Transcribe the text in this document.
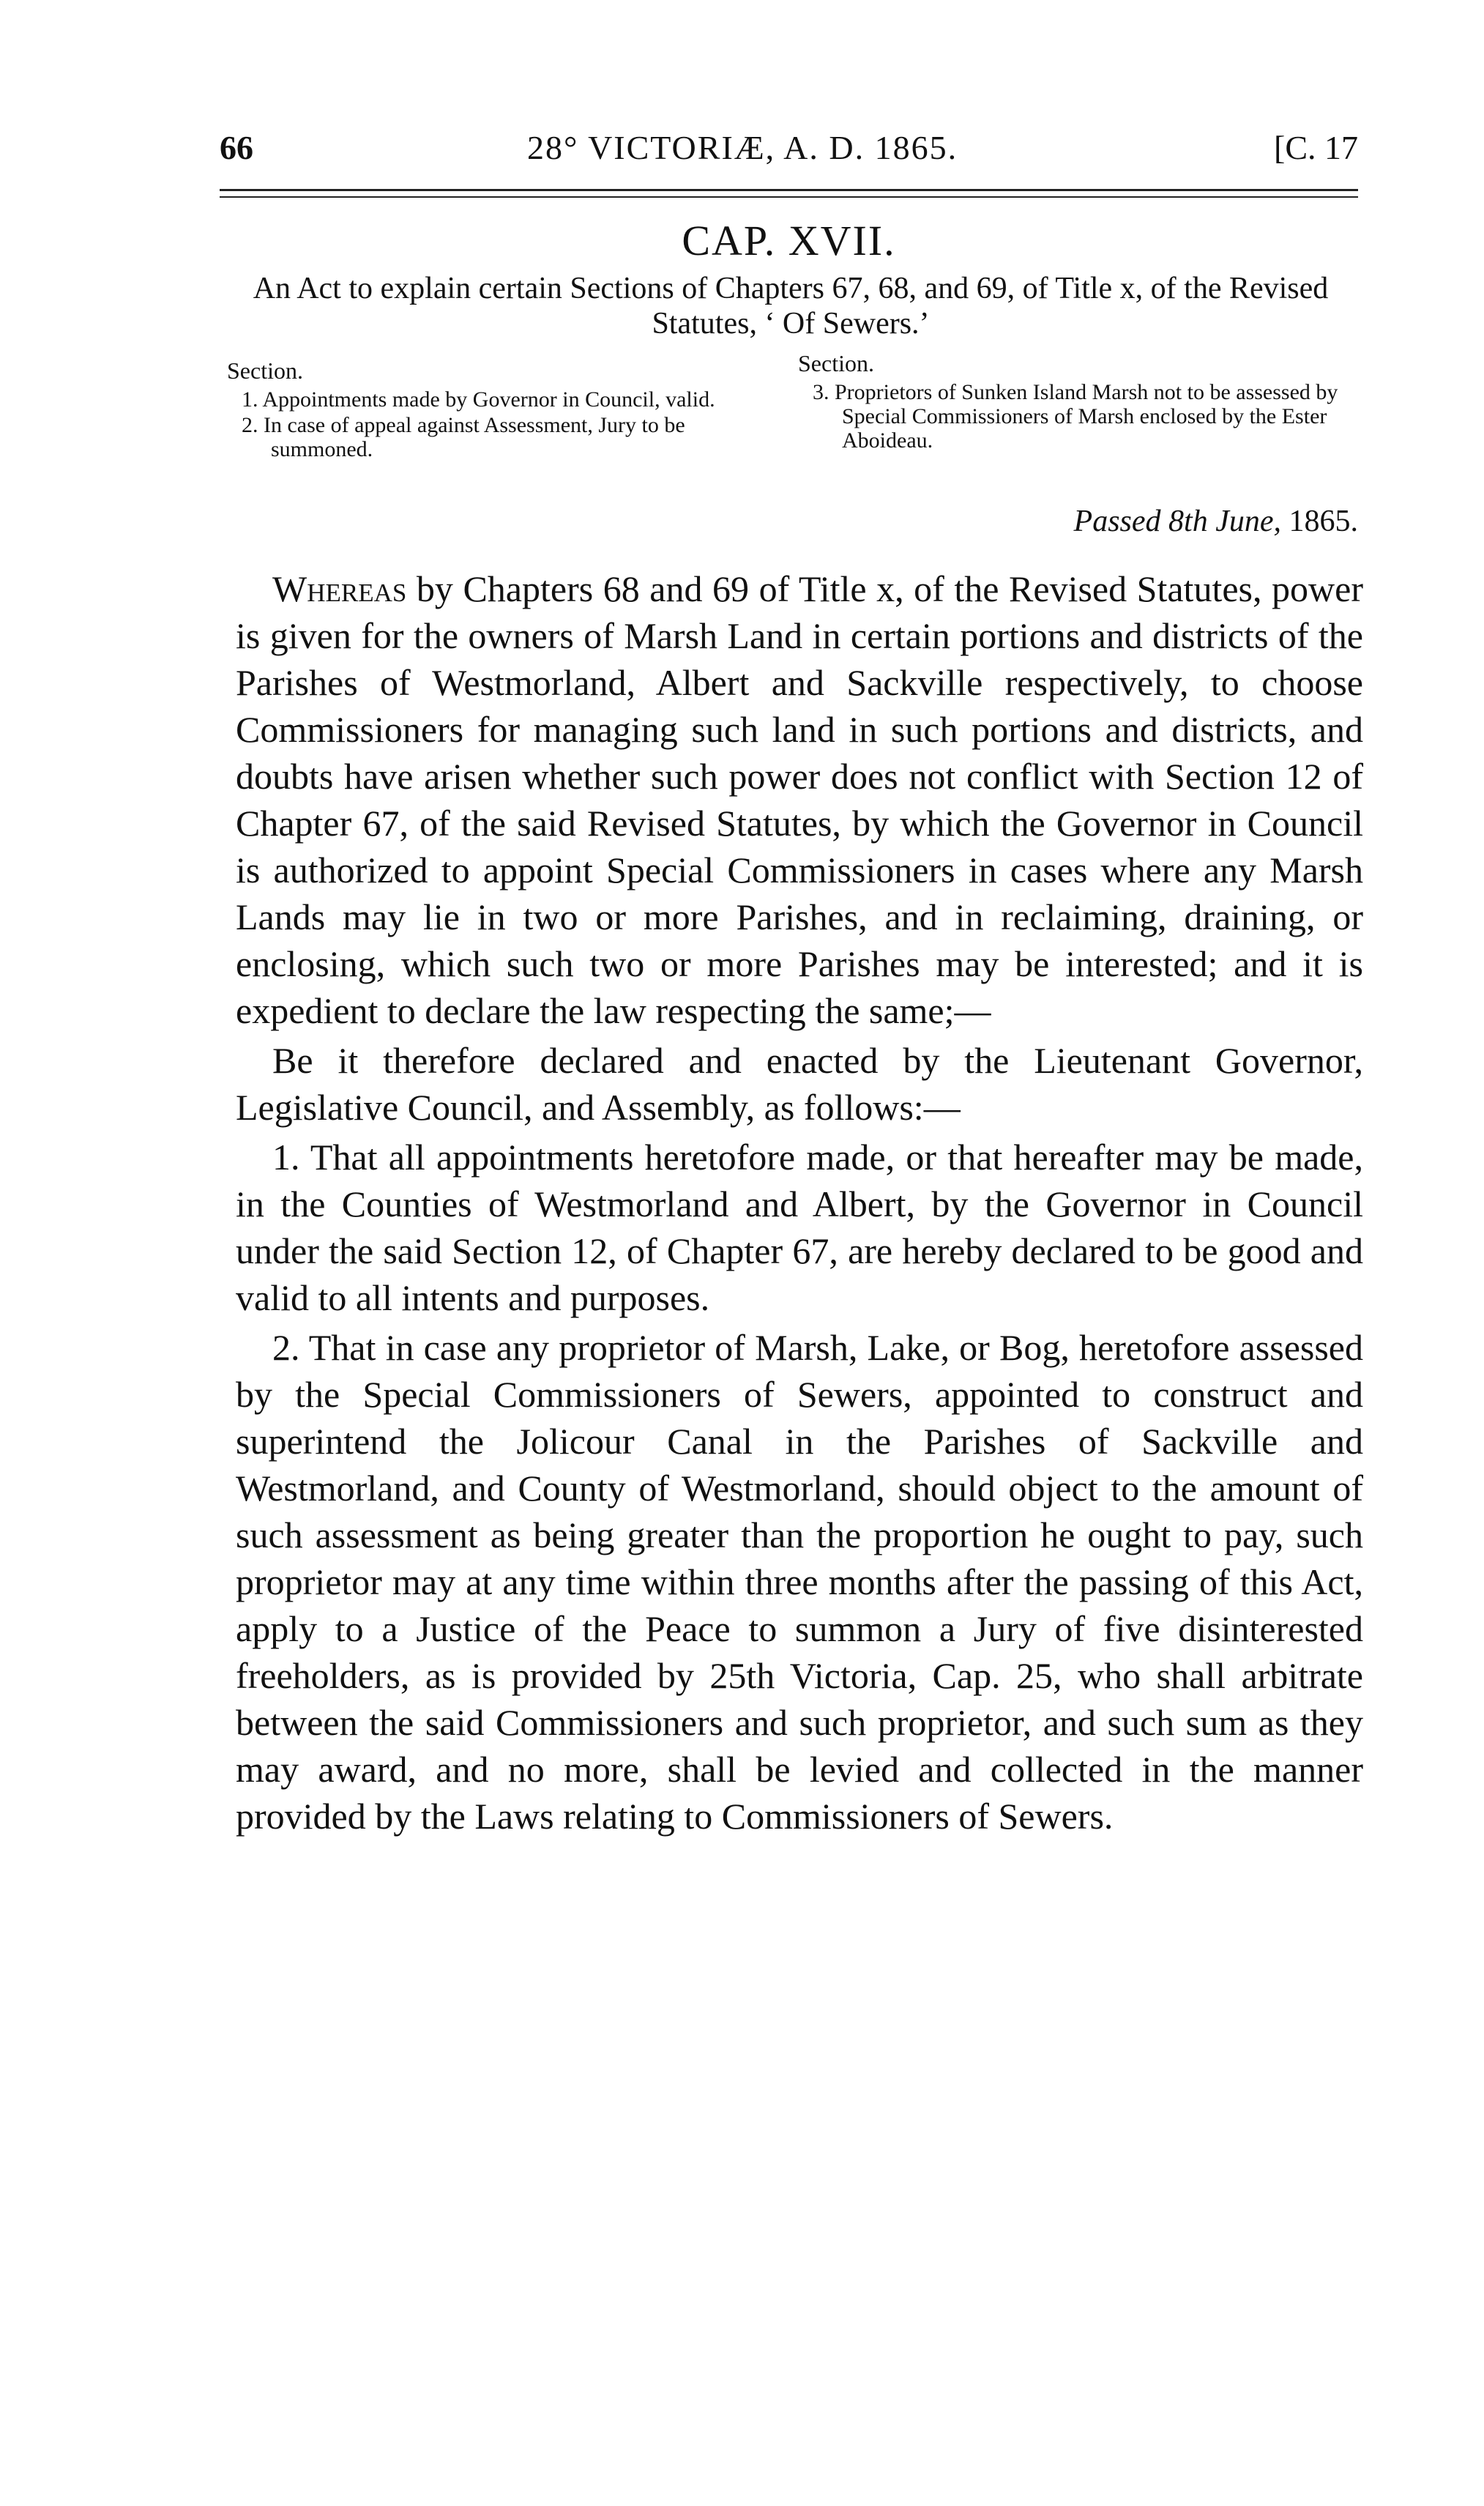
66	28° VICTORIÆ, A. D. 1865.	[C. 17
CAP. XVII.
An Act to explain certain Sections of Chapters 67, 68, and 69, of Title x, of the Revised Statutes, ‘ Of Sewers.’
Section.
1. Appointments made by Governor in Council, valid.
2. In case of appeal against Assessment, Jury to be summoned.
Section.
3. Proprietors of Sunken Island Marsh not to be assessed by Special Commissioners of Marsh enclosed by the Ester Aboideau.
Passed 8th June, 1865.

Whereas by Chapters 68 and 69 of Title x, of the Revised Statutes, power is given for the owners of Marsh Land in certain portions and districts of the Parishes of Westmorland, Albert and Sackville respectively, to choose Commissioners for managing such land in such portions and districts, and doubts have arisen whether such power does not conflict with Section 12 of Chapter 67, of the said Revised Statutes, by which the Governor in Council is authorized to appoint Special Commissioners in cases where any Marsh Lands may lie in two or more Parishes, and in reclaiming, draining, or enclosing, which such two or more Parishes may be interested; and it is expedient to declare the law respecting the same;—

Be it therefore declared and enacted by the Lieutenant Governor, Legislative Council, and Assembly, as follows:—

1. That all appointments heretofore made, or that hereafter may be made, in the Counties of Westmorland and Albert, by the Governor in Council under the said Section 12, of Chapter 67, are hereby declared to be good and valid to all intents and purposes.

2. That in case any proprietor of Marsh, Lake, or Bog, heretofore assessed by the Special Commissioners of Sewers, appointed to construct and superintend the Jolicour Canal in the Parishes of Sackville and Westmorland, and County of Westmorland, should object to the amount of such assessment as being greater than the proportion he ought to pay, such proprietor may at any time within three months after the passing of this Act, apply to a Justice of the Peace to summon a Jury of five disinterested freeholders, as is provided by 25th Victoria, Cap. 25, who shall arbitrate between the said Commissioners and such proprietor, and such sum as they may award, and no more, shall be levied and collected in the manner provided by the Laws relating to Commissioners of Sewers.
